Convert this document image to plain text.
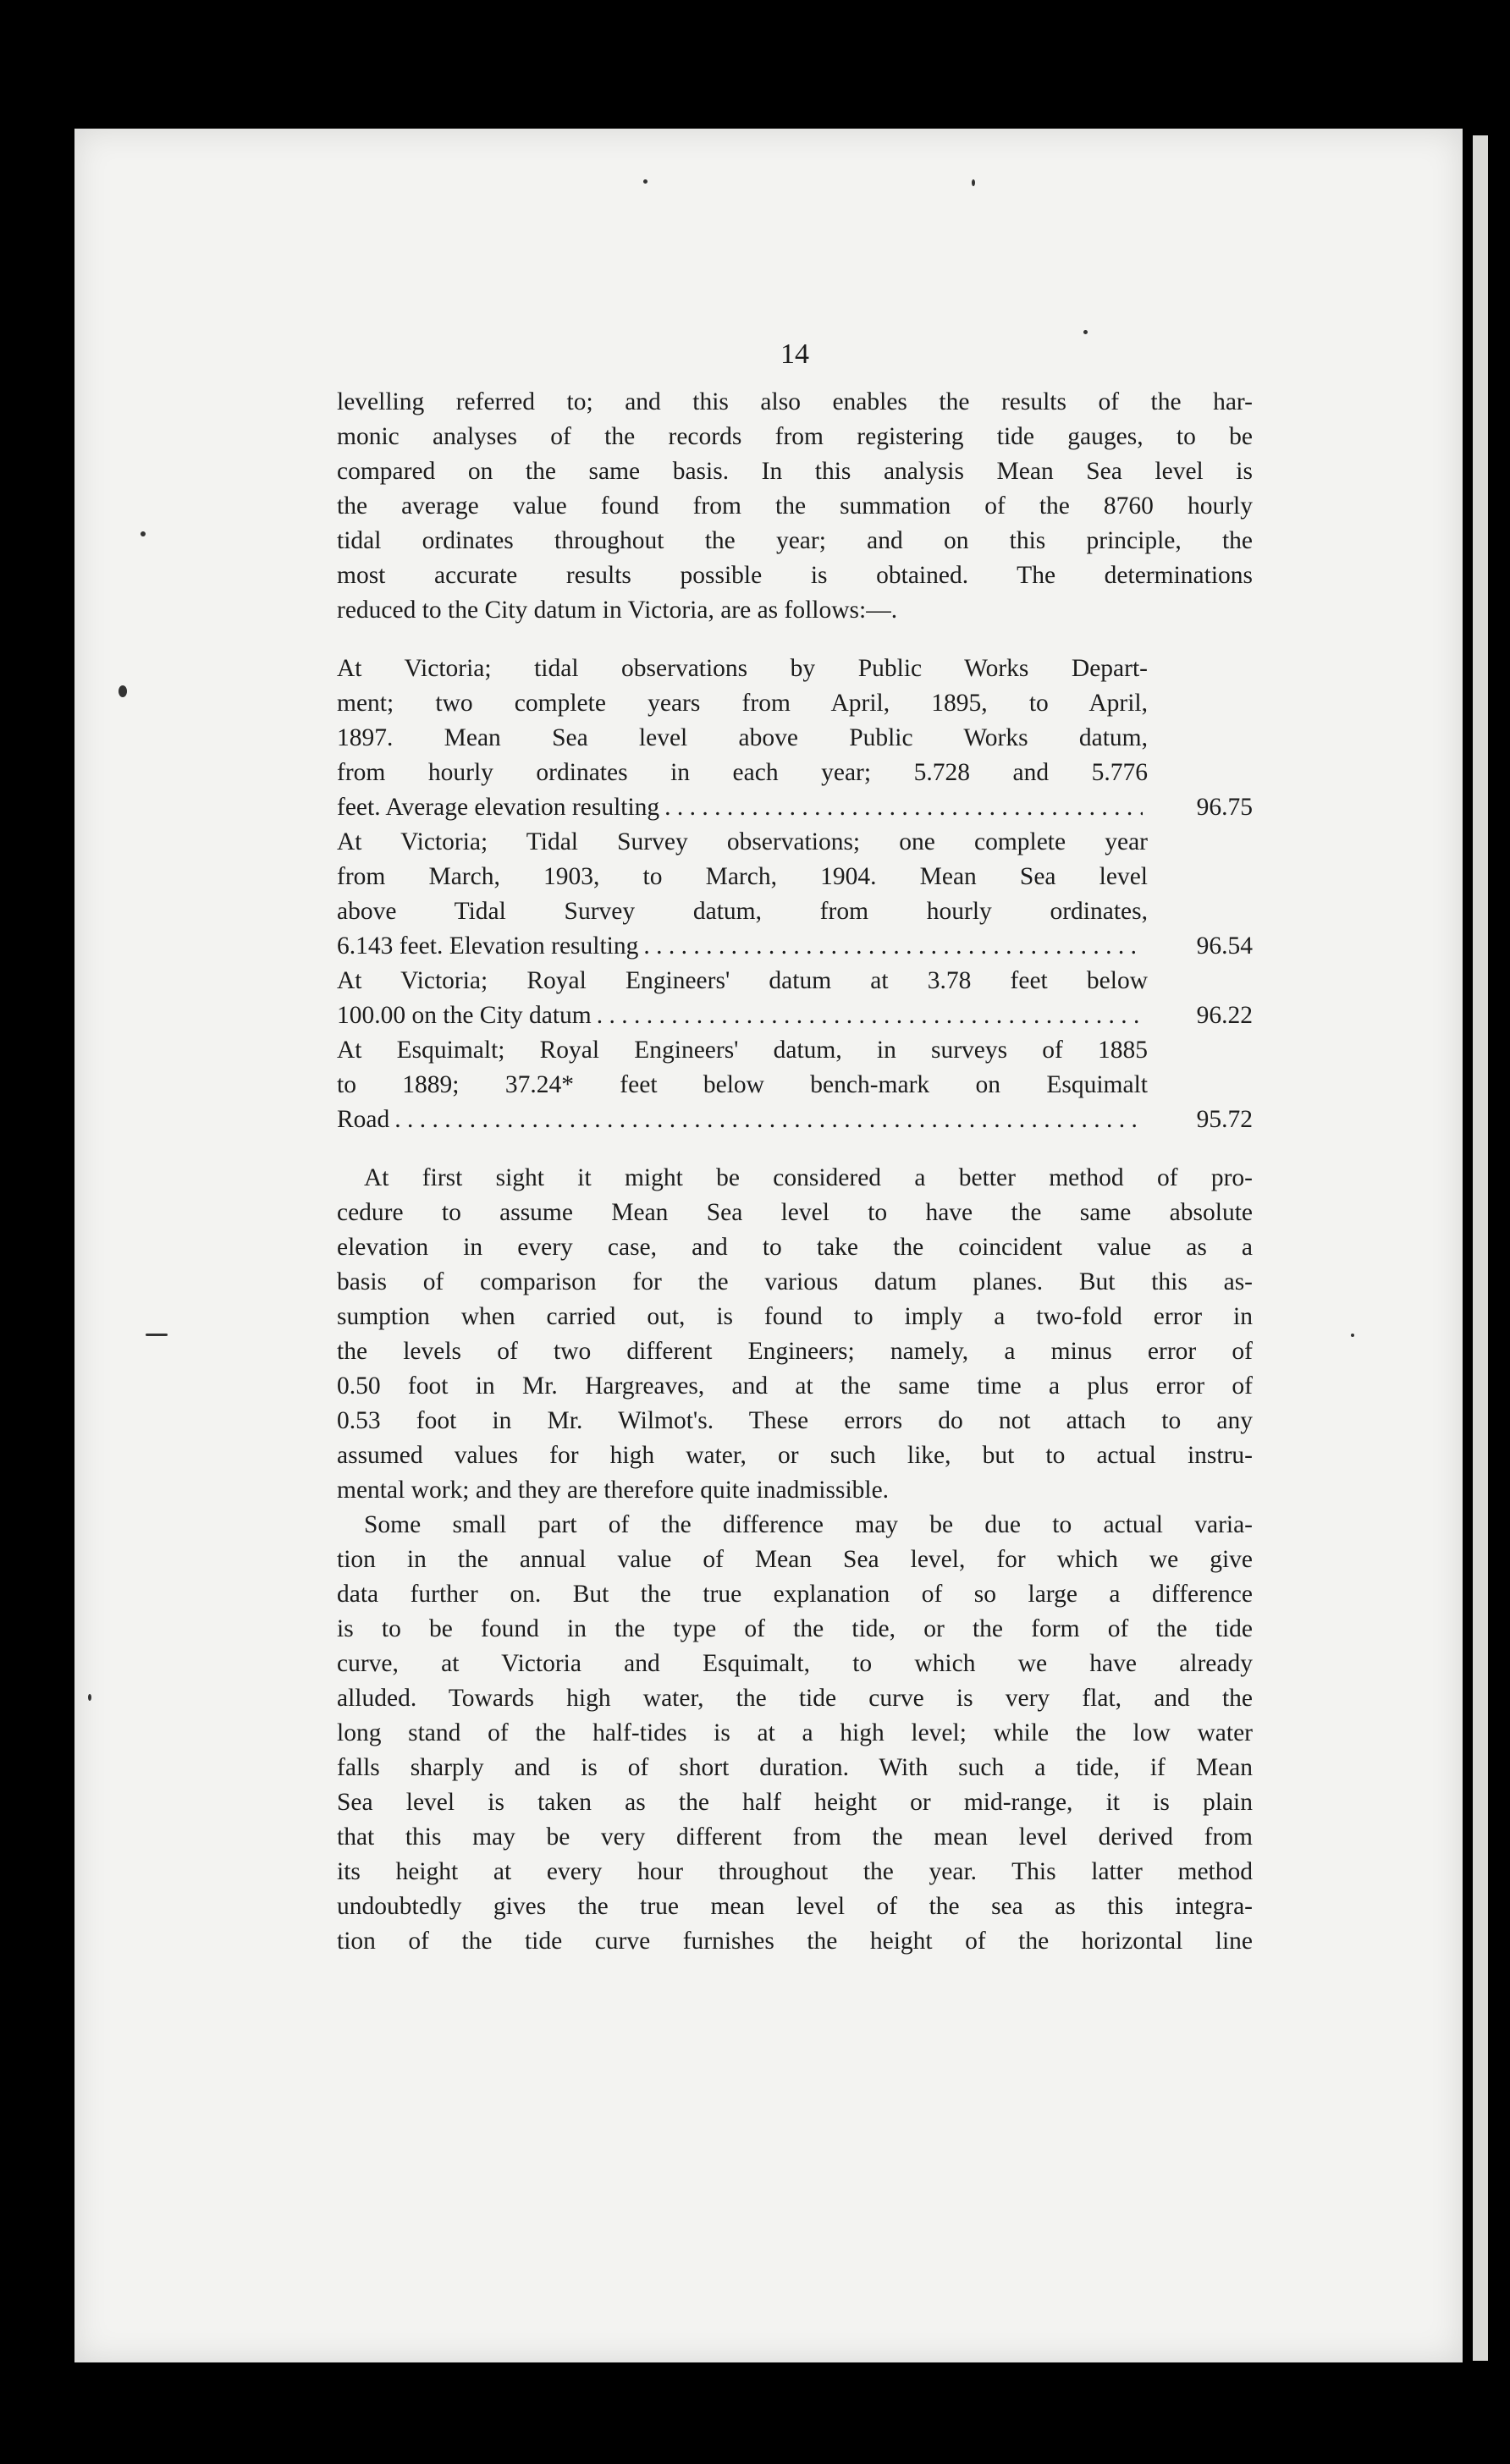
14

levelling referred to; and this also enables the results of the har-
monic analyses of the records from registering tide gauges, to be
compared on the same basis. In this analysis Mean Sea level is
the average value found from the summation of the 8760 hourly
tidal ordinates throughout the year; and on this principle, the
most accurate results possible is obtained. The determinations
reduced to the City datum in Victoria, are as follows:—.

At Victoria; tidal observations by Public Works Depart-
ment; two complete years from April, 1895, to April,
1897. Mean Sea level above Public Works datum,
from hourly ordinates in each year; 5.728 and 5.776
feet. Average elevation resulting . . .	96.75
At Victoria; Tidal Survey observations; one complete year
from March, 1903, to March, 1904. Mean Sea level
above Tidal Survey datum, from hourly ordinates,
6.143 feet. Elevation resulting . . .	96.54
At Victoria; Royal Engineers' datum at 3.78 feet below
100.00 on the City datum . . .	96.22
At Esquimalt; Royal Engineers' datum, in surveys of 1885
to 1889; 37.24* feet below bench-mark on Esquimalt
Road . . .	95.72

At first sight it might be considered a better method of pro-
cedure to assume Mean Sea level to have the same absolute
elevation in every case, and to take the coincident value as a
basis of comparison for the various datum planes. But this as-
sumption when carried out, is found to imply a two-fold error in
the levels of two different Engineers; namely, a minus error of
0.50 foot in Mr. Hargreaves, and at the same time a plus error of
0.53 foot in Mr. Wilmot's. These errors do not attach to any
assumed values for high water, or such like, but to actual instru-
mental work; and they are therefore quite inadmissible.

Some small part of the difference may be due to actual varia-
tion in the annual value of Mean Sea level, for which we give
data further on. But the true explanation of so large a difference
is to be found in the type of the tide, or the form of the tide
curve, at Victoria and Esquimalt, to which we have already
alluded. Towards high water, the tide curve is very flat, and the
long stand of the half-tides is at a high level; while the low water
falls sharply and is of short duration. With such a tide, if Mean
Sea level is taken as the half height or mid-range, it is plain
that this may be very different from the mean level derived from
its height at every hour throughout the year. This latter method
undoubtedly gives the true mean level of the sea as this integra-
tion of the tide curve furnishes the height of the horizontal line
